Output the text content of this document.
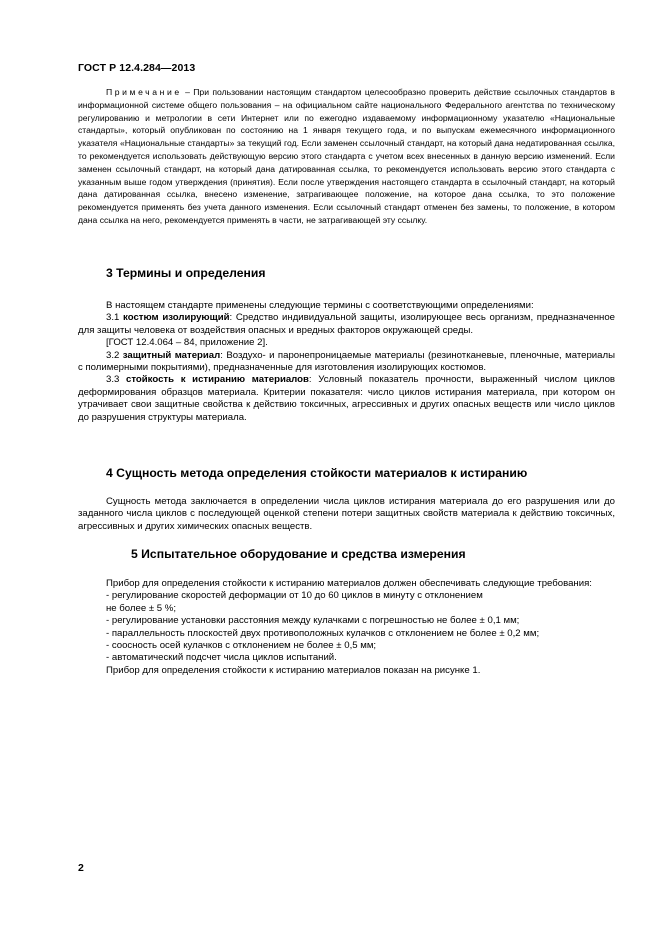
ГОСТ Р 12.4.284—2013

Примечание – При пользовании настоящим стандартом целесообразно проверить действие ссылочных стандартов в информационной системе общего пользования – на официальном сайте национального Федерального агентства по техническому регулированию и метрологии в сети Интернет или по ежегодно издаваемому информационному указателю «Национальные стандарты», который опубликован по состоянию на 1 января текущего года, и по выпускам ежемесячного информационного указателя «Национальные стандарты» за текущий год. Если заменен ссылочный стандарт, на который дана недатированная ссылка, то рекомендуется использовать действующую версию этого стандарта с учетом всех внесенных в данную версию изменений. Если заменен ссылочный стандарт, на который дана датированная ссылка, то рекомендуется использовать версию этого стандарта с указанным выше годом утверждения (принятия). Если после утверждения настоящего стандарта в ссылочный стандарт, на который дана датированная ссылка, внесено изменение, затрагивающее положение, на которое дана ссылка, то это положение рекомендуется применять без учета данного изменения. Если ссылочный стандарт отменен без замены, то положение, в котором дана ссылка на него, рекомендуется применять в части, не затрагивающей эту ссылку.

3 Термины и определения

В настоящем стандарте применены следующие термины с соответствующими определениями:

3.1 костюм изолирующий: Средство индивидуальной защиты, изолирующее весь организм, предназначенное для защиты человека от воздействия опасных и вредных факторов окружающей среды.

[ГОСТ 12.4.064 – 84, приложение 2].

3.2 защитный материал: Воздухо- и паронепроницаемые материалы (резинотканевые, пленочные, материалы с полимерными покрытиями), предназначенные для изготовления изолирующих костюмов.

3.3 стойкость к истиранию материалов: Условный показатель прочности, выраженный числом циклов деформирования образцов материала. Критерии показателя: число циклов истирания материала, при котором он утрачивает свои защитные свойства к действию токсичных, агрессивных и других опасных веществ или число циклов до разрушения структуры материала.

4 Сущность метода определения стойкости материалов к истиранию

Сущность метода заключается в определении числа циклов истирания материала до его разрушения или до заданного числа циклов с последующей оценкой степени потери защитных свойств материала к действию токсичных, агрессивных и других химических опасных веществ.

5 Испытательное оборудование и средства измерения

Прибор для определения стойкости к истиранию материалов должен обеспечивать следующие требования:

- регулирование скоростей деформации от 10 до 60 циклов в минуту с отклонением

не более ± 5 %;

- регулирование установки расстояния между кулачками с погрешностью не более ± 0,1 мм;

- параллельность плоскостей двух противоположных кулачков с отклонением не более ± 0,2 мм;

- соосность осей кулачков с отклонением не более ± 0,5 мм;

- автоматический подсчет числа циклов испытаний.

Прибор для определения стойкости к истиранию материалов показан на рисунке 1.

2
